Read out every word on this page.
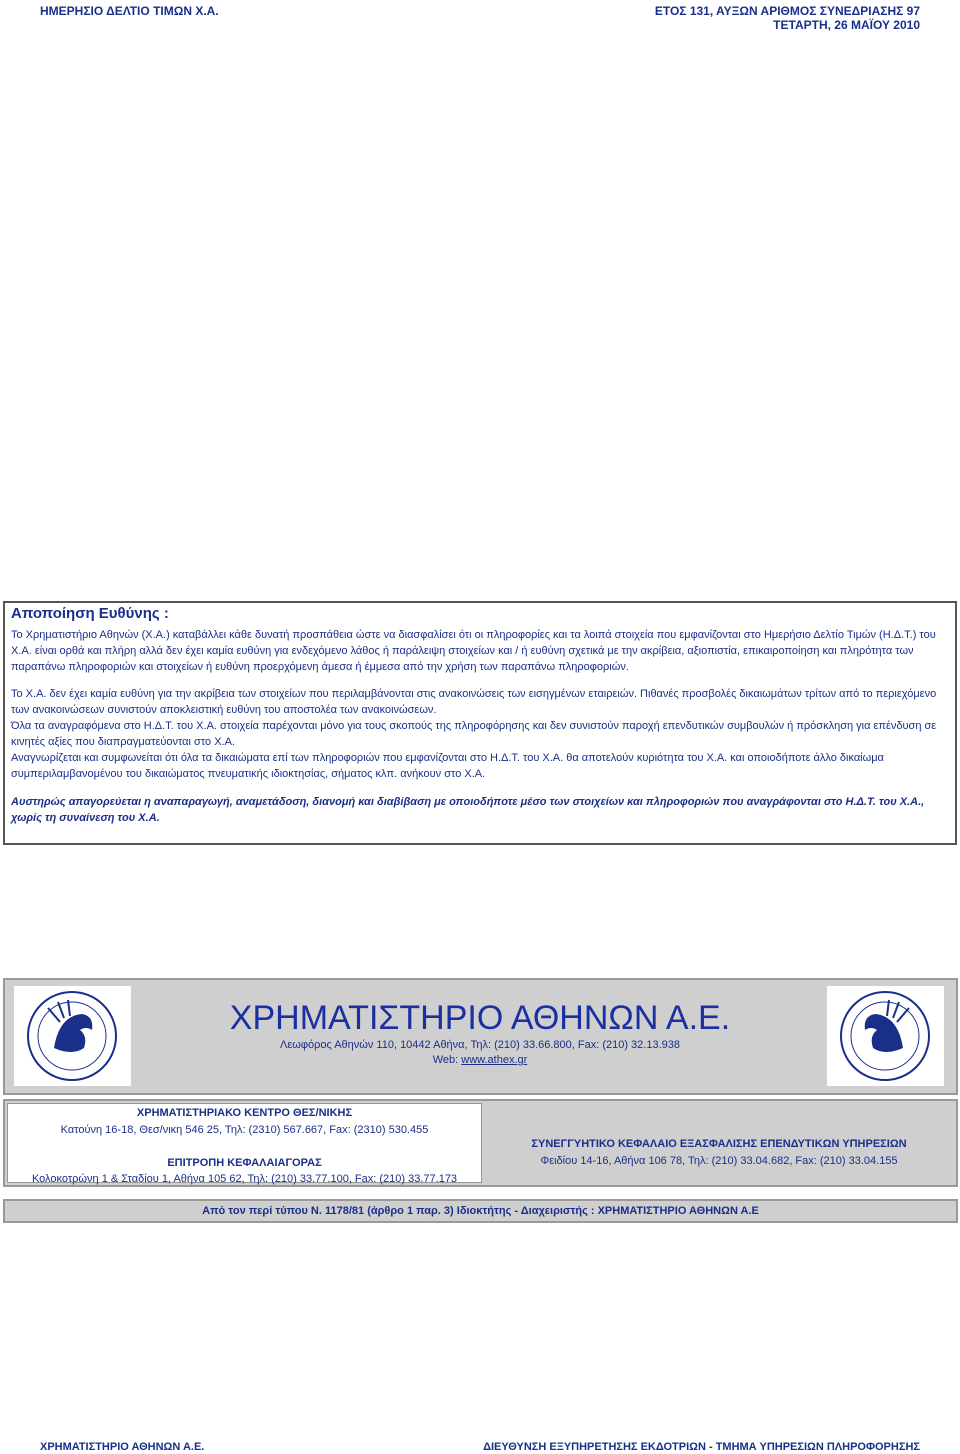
ΗΜΕΡΗΣΙΟ ΔΕΛΤΙΟ ΤΙΜΩΝ Χ.Α.	ΕΤΟΣ 131, ΑΥΞΩΝ ΑΡΙΘΜΟΣ ΣΥΝΕΔΡΙΑΣΗΣ 97
ΤΕΤΑΡΤΗ, 26 ΜΑΪΟΥ 2010
Αποποίηση Ευθύνης :

Το Χρηματιστήριο Αθηνών (Χ.Α.) καταβάλλει κάθε δυνατή προσπάθεια ώστε να διασφαλίσει ότι οι πληροφορίες και τα λοιπά στοιχεία που εμφανίζονται στο Ημερήσιο Δελτίο Τιμών (Η.Δ.Τ.) του Χ.Α. είναι ορθά και πλήρη αλλά δεν έχει καμία ευθύνη για ενδεχόμενο λάθος ή παράλειψη στοιχείων και / ή ευθύνη σχετικά με την ακρίβεια, αξιοπιστία, επικαιροποίηση και πληρότητα των παραπάνω πληροφοριών και στοιχείων ή ευθύνη προερχόμενη άμεσα ή έμμεσα από την χρήση των παραπάνω πληροφοριών.

Το Χ.Α. δεν έχει καμία ευθύνη για την ακρίβεια των στοιχείων που περιλαμβάνονται στις ανακοινώσεις των εισηγμένων εταιρειών. Πιθανές προσβολές δικαιωμάτων τρίτων από το περιεχόμενο των ανακοινώσεων συνιστούν αποκλειστική ευθύνη του αποστολέα των ανακοινώσεων.

Όλα τα αναγραφόμενα στο Η.Δ.Τ. του Χ.Α. στοιχεία παρέχονται μόνο για τους σκοπούς της πληροφόρησης και δεν συνιστούν παροχή επενδυτικών συμβουλών ή πρόσκληση για επένδυση σε κινητές αξίες που διαπραγματεύονται στο Χ.Α.

Αναγνωρίζεται και συμφωνείται ότι όλα τα δικαιώματα επί των πληροφοριών που εμφανίζονται στο Η.Δ.Τ. του Χ.Α. θα αποτελούν κυριότητα του Χ.Α. και οποιοδήποτε άλλο δικαίωμα συμπεριλαμβανομένου του δικαιώματος πνευματικής ιδιοκτησίας, σήματος κλπ. ανήκουν στο Χ.Α.

Αυστηρώς απαγορεύεται η αναπαραγωγή, αναμετάδοση, διανομή και διαβίβαση με οποιοδήποτε μέσο των στοιχείων και πληροφοριών που αναγράφονται στο Η.Δ.Τ. του Χ.Α., χωρίς τη συναίνεση του Χ.Α.

ΧΡΗΜΑΤΙΣΤΗΡΙΟ ΑΘΗΝΩΝ Α.Ε.
Λεωφόρος Αθηνών 110, 10442 Αθήνα, Τηλ: (210) 33.66.800, Fax: (210) 32.13.938
Web: www.athex.gr
ΧΡΗΜΑΤΙΣΤΗΡΙΑΚΟ ΚΕΝΤΡΟ ΘΕΣ/ΝΙΚΗΣ
Κατούνη 16-18, Θεσ/νικη 546 25, Τηλ: (2310) 567.667, Fax: (2310) 530.455
ΕΠΙΤΡΟΠΗ ΚΕΦΑΛΑΙΑΓΟΡΑΣ
Κολοκοτρώνη 1 & Σταδίου 1, Αθήνα 105 62, Τηλ: (210) 33.77.100, Fax: (210) 33.77.173
ΣΥΝΕΓΓΥΗΤΙΚΟ ΚΕΦΑΛΑΙΟ ΕΞΑΣΦΑΛΙΣΗΣ ΕΠΕΝΔΥΤΙΚΩΝ ΥΠΗΡΕΣΙΩΝ
Φειδίου 14-16, Αθήνα 106 78, Τηλ: (210) 33.04.682, Fax: (210) 33.04.155
Από τον περί τύπου Ν. 1178/81 (άρθρο 1 παρ. 3) Ιδιοκτήτης - Διαχειριστής : ΧΡΗΜΑΤΙΣΤΗΡΙΟ ΑΘΗΝΩΝ Α.Ε
ΧΡΗΜΑΤΙΣΤΗΡΙΟ ΑΘΗΝΩΝ Α.Ε.	ΔΙΕΥΘΥΝΣΗ ΕΞΥΠΗΡΕΤΗΣΗΣ ΕΚΔΟΤΡΙΩΝ - ΤΜΗΜΑ ΥΠΗΡΕΣΙΩΝ ΠΛΗΡΟΦΟΡΗΣΗΣ
